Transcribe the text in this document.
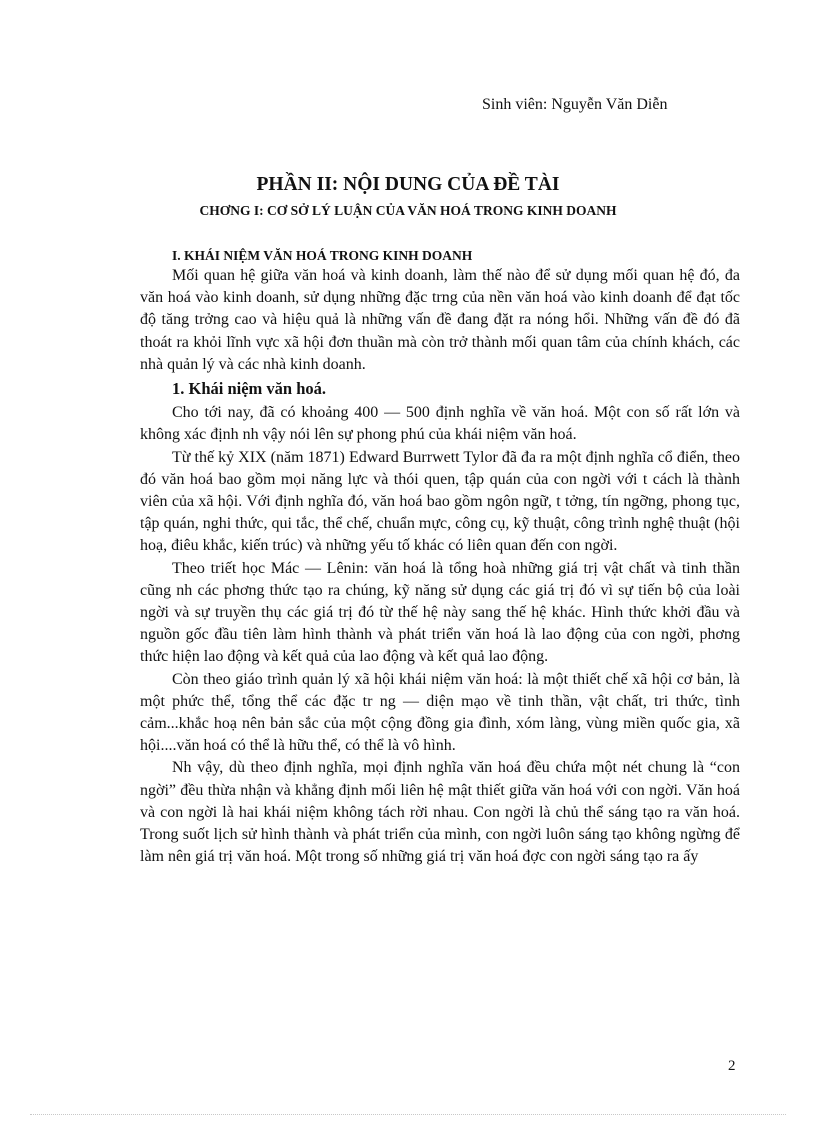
Sinh viên: Nguyễn Văn Diễn
PHẦN II: NỘI DUNG CỦA ĐỀ TÀI
CHƠNG I: CƠ SỞ LÝ LUẬN CỦA VĂN HOÁ TRONG KINH DOANH
I. KHÁI NIỆM VĂN HOÁ TRONG KINH DOANH

Mối quan hệ giữa văn hoá và kinh doanh, làm thế nào để sử dụng mối quan hệ đó, đa văn hoá vào kinh doanh, sử dụng những đặc trng của nền văn hoá vào kinh doanh để đạt tốc độ tăng trởng cao và hiệu quả là những vấn đề đang đặt ra nóng hổi. Những vấn đề đó đã thoát ra khỏi lĩnh vực xã hội đơn thuần mà còn trở thành mối quan tâm của chính khách, các nhà quản lý và các nhà kinh doanh.

1. Khái niệm văn hoá.

Cho tới nay, đã có khoảng 400 — 500 định nghĩa về văn hoá. Một con số rất lớn và không xác định nh vậy nói lên sự phong phú của khái niệm văn hoá.

Từ thế kỷ XIX (năm 1871) Edward Burrwett Tylor đã đa ra một định nghĩa cổ điển, theo đó văn hoá bao gồm mọi năng lực và thói quen, tập quán của con ngời với t cách là thành viên của xã hội. Với định nghĩa đó, văn hoá bao gồm ngôn ngữ, t tởng, tín ngỡng, phong tục, tập quán, nghi thức, qui tắc, thể chế, chuẩn mực, công cụ, kỹ thuật, công trình nghệ thuật (hội hoạ, điêu khắc, kiến trúc) và những yếu tố khác có liên quan đến con ngời.

Theo triết học Mác — Lênin: văn hoá là tổng hoà những giá trị vật chất và tinh thần cũng nh các phơng thức tạo ra chúng, kỹ năng sử dụng các giá trị đó vì sự tiến bộ của loài ngời và sự truyền thụ các giá trị đó từ thế hệ này sang thế hệ khác. Hình thức khởi đầu và nguồn gốc đầu tiên làm hình thành và phát triển văn hoá là lao động của con ngời, phơng thức hiện lao động và kết quả của lao động và kết quả lao động.

Còn theo giáo trình quản lý xã hội khái niệm văn hoá: là một thiết chế xã hội cơ bản, là một phức thể, tổng thể các đặc tr ng — diện mạo về tinh thần, vật chất, tri thức, tình cảm...khắc hoạ nên bản sắc của một cộng đồng gia đình, xóm làng, vùng miền quốc gia, xã hội....văn hoá có thể là hữu thể, có thể là vô hình.

Nh vậy, dù theo định nghĩa, mọi định nghĩa văn hoá đều chứa một nét chung là “con ngời” đều thừa nhận và khẳng định mối liên hệ mật thiết giữa văn hoá với con ngời. Văn hoá và con ngời là hai khái niệm không tách rời nhau. Con ngời là chủ thể sáng tạo ra văn hoá. Trong suốt lịch sử hình thành và phát triển của mình, con ngời luôn sáng tạo không ngừng để làm nên giá trị văn hoá. Một trong số những giá trị văn hoá đợc con ngời sáng tạo ra ấy

2
